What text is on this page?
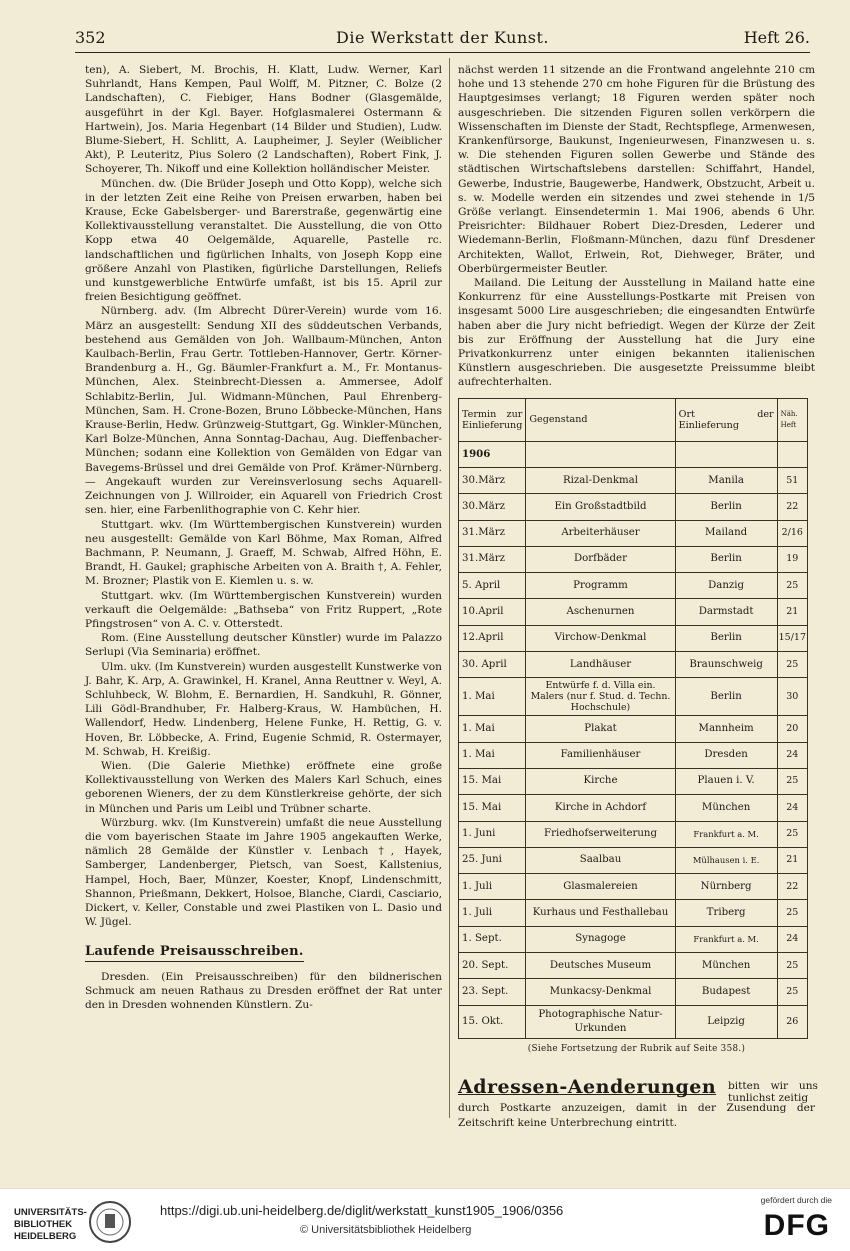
352	Die Werkstatt der Kunst.	Heft 26.

ten), A. Siebert, M. Brochis, H. Klatt, Ludw. Werner, Karl Suhrlandt, Hans Kempen, Paul Wolff, M. Pitzner, C. Bolze (2 Landschaften), C. Fiebiger, Hans Bodner (Glasgemälde, ausgeführt in der Kgl. Bayer. Hofglasmalerei Ostermann & Hartwein), Jos. Maria Hegenbart (14 Bilder und Studien), Ludw. Blume-Siebert, H. Schlitt, A. Laupheimer, J. Seyler (Weiblicher Akt), P. Leuteritz, Pius Solero (2 Landschaften), Robert Fink, J. Schoyerer, Th. Nikoff und eine Kollektion holländischer Meister.

München. dw. (Die Brüder Joseph und Otto Kopp), welche sich in der letzten Zeit eine Reihe von Preisen erwarben, haben bei Krause, Ecke Gabelsberger- und Barerstraße, gegenwärtig eine Kollektivausstellung veranstaltet. Die Ausstellung, die von Otto Kopp etwa 40 Oelgemälde, Aquarelle, Pastelle rc. landschaftlichen und figürlichen Inhalts, von Joseph Kopp eine größere Anzahl von Plastiken, figürliche Darstellungen, Reliefs und kunstgewerbliche Entwürfe umfaßt, ist bis 15. April zur freien Besichtigung geöffnet.

Nürnberg. adv. (Im Albrecht Dürer-Verein) wurde vom 16. März an ausgestellt: Sendung XII des süddeutschen Verbands, bestehend aus Gemälden von Joh. Wallbaum-München, Anton Kaulbach-Berlin, Frau Gertr. Tottleben-Hannover, Gertr. Körner-Brandenburg a. H., Gg. Bäumler-Frankfurt a. M., Fr. Montanus-München, Alex. Steinbrecht-Diessen a. Ammersee, Adolf Schlabitz-Berlin, Jul. Widmann-München, Paul Ehrenberg-München, Sam. H. Crone-Bozen, Bruno Löbbecke-München, Hans Krause-Berlin, Hedw. Grünzweig-Stuttgart, Gg. Winkler-München, Karl Bolze-München, Anna Sonntag-Dachau, Aug. Dieffenbacher-München; sodann eine Kollektion von Gemälden von Edgar van Bavegems-Brüssel und drei Gemälde von Prof. Krämer-Nürnberg. — Angekauft wurden zur Vereinsverlosung sechs Aquarell-Zeichnungen von J. Willroider, ein Aquarell von Friedrich Crost sen. hier, eine Farbenlithographie von C. Kehr hier.

Stuttgart. wkv. (Im Württembergischen Kunstverein) wurden neu ausgestellt: Gemälde von Karl Böhme, Max Roman, Alfred Bachmann, P. Neumann, J. Graeff, M. Schwab, Alfred Höhn, E. Brandt, H. Gaukel; graphische Arbeiten von A. Braith †, A. Fehler, M. Brozner; Plastik von E. Kiemlen u. s. w.

Stuttgart. wkv. (Im Württembergischen Kunstverein) wurden verkauft die Oelgemälde: „Bathseba“ von Fritz Ruppert, „Rote Pfingstrosen“ von A. C. v. Otterstedt.

Rom. (Eine Ausstellung deutscher Künstler) wurde im Palazzo Serlupi (Via Seminaria) eröffnet.

Ulm. ukv. (Im Kunstverein) wurden ausgestellt Kunstwerke von J. Bahr, K. Arp, A. Grawinkel, H. Kranel, Anna Reuttner v. Weyl, A. Schluhbeck, W. Blohm, E. Bernardien, H. Sandkuhl, R. Gönner, Lili Gödl-Brandhuber, Fr. Halberg-Kraus, W. Hambüchen, H. Wallendorf, Hedw. Lindenberg, Helene Funke, H. Rettig, G. v. Hoven, Br. Löbbecke, A. Frind, Eugenie Schmid, R. Ostermayer, M. Schwab, H. Kreißig.

Wien. (Die Galerie Miethke) eröffnete eine große Kollektivausstellung von Werken des Malers Karl Schuch, eines geborenen Wieners, der zu dem Künstlerkreise gehörte, der sich in München und Paris um Leibl und Trübner scharte.

Würzburg. wkv. (Im Kunstverein) umfaßt die neue Ausstellung die vom bayerischen Staate im Jahre 1905 angekauften Werke, nämlich 28 Gemälde der Künstler v. Lenbach †, Hayek, Samberger, Landenberger, Pietsch, van Soest, Kallstenius, Hampel, Hoch, Baer, Münzer, Koester, Knopf, Lindenschmitt, Shannon, Prießmann, Dekkert, Holsoe, Blanche, Ciardi, Casciario, Dickert, v. Keller, Constable und zwei Plastiken von L. Dasio und W. Jügel.

Laufende Preisausschreiben.

Dresden. (Ein Preisausschreiben) für den bildnerischen Schmuck am neuen Rathaus zu Dresden eröffnet der Rat unter den in Dresden wohnenden Künstlern. Zu-

nächst werden 11 sitzende an die Frontwand angelehnte 210 cm hohe und 13 stehende 270 cm hohe Figuren für die Brüstung des Hauptgesimses verlangt; 18 Figuren werden später noch ausgeschrieben. Die sitzenden Figuren sollen verkörpern die Wissenschaften im Dienste der Stadt, Rechtspflege, Armenwesen, Krankenfürsorge, Baukunst, Ingenieurwesen, Finanzwesen u. s. w. Die stehenden Figuren sollen Gewerbe und Stände des städtischen Wirtschaftslebens darstellen: Schiffahrt, Handel, Gewerbe, Industrie, Baugewerbe, Handwerk, Obstzucht, Arbeit u. s. w. Modelle werden ein sitzendes und zwei stehende in 1/5 Größe verlangt. Einsendetermin 1. Mai 1906, abends 6 Uhr. Preisrichter: Bildhauer Robert Diez-Dresden, Lederer und Wiedemann-Berlin, Floßmann-München, dazu fünf Dresdener Architekten, Wallot, Erlwein, Rot, Diehweger, Bräter, und Oberbürgermeister Beutler.

Mailand. Die Leitung der Ausstellung in Mailand hatte eine Konkurrenz für eine Ausstellungs-Postkarte mit Preisen von insgesamt 5000 Lire ausgeschrieben; die eingesandten Entwürfe haben aber die Jury nicht befriedigt. Wegen der Kürze der Zeit bis zur Eröffnung der Ausstellung hat die Jury eine Privatkonkurrenz unter einigen bekannten italienischen Künstlern ausgeschrieben. Die ausgesetzte Preissumme bleibt aufrechterhalten.

Termin zur Einlieferung	Gegenstand	Ort der Einlieferung	Näh. Heft
1906			
30.März	Rizal-Denkmal	Manila	51
30.März	Ein Großstadtbild	Berlin	22
31.März	Arbeiterhäuser	Mailand	2/16
31.März	Dorfbäder	Berlin	19
5. April	Programm	Danzig	25
10.April	Aschenurnen	Darmstadt	21
12.April	Virchow-Denkmal	Berlin	15/17
30. April	Landhäuser	Braunschweig	25
1. Mai	Entwürfe f. d. Villa ein. Malers (nur f. Stud. d. Techn. Hochschule)	Berlin	30
1. Mai	Plakat	Mannheim	20
1. Mai	Familienhäuser	Dresden	24
15. Mai	Kirche	Plauen i. V.	25
15. Mai	Kirche in Achdorf	München	24
1. Juni	Friedhofserweiterung	Frankfurt a. M.	25
25. Juni	Saalbau	Mülhausen i. E.	21
1. Juli	Glasmalereien	Nürnberg	22
1. Juli	Kurhaus und Festhallebau	Triberg	25
1. Sept.	Synagoge	Frankfurt a. M.	24
20. Sept.	Deutsches Museum	München	25
23. Sept.	Munkacsy-Denkmal	Budapest	25
15. Okt.	Photographische Natur-Urkunden	Leipzig	26
(Siehe Fortsetzung der Rubrik auf Seite 358.)
Adressen-Aenderungen bitten wir uns tunlichst zeitig
durch Postkarte anzuzeigen, damit in der Zusendung der Zeitschrift keine Unterbrechung eintritt.
UNIVERSITÄTS- BIBLIOTHEK HEIDELBERG
https://digi.ub.uni-heidelberg.de/diglit/werkstatt_kunst1905_1906/0356
© Universitätsbibliothek Heidelberg
gefördert durch die
DFG
